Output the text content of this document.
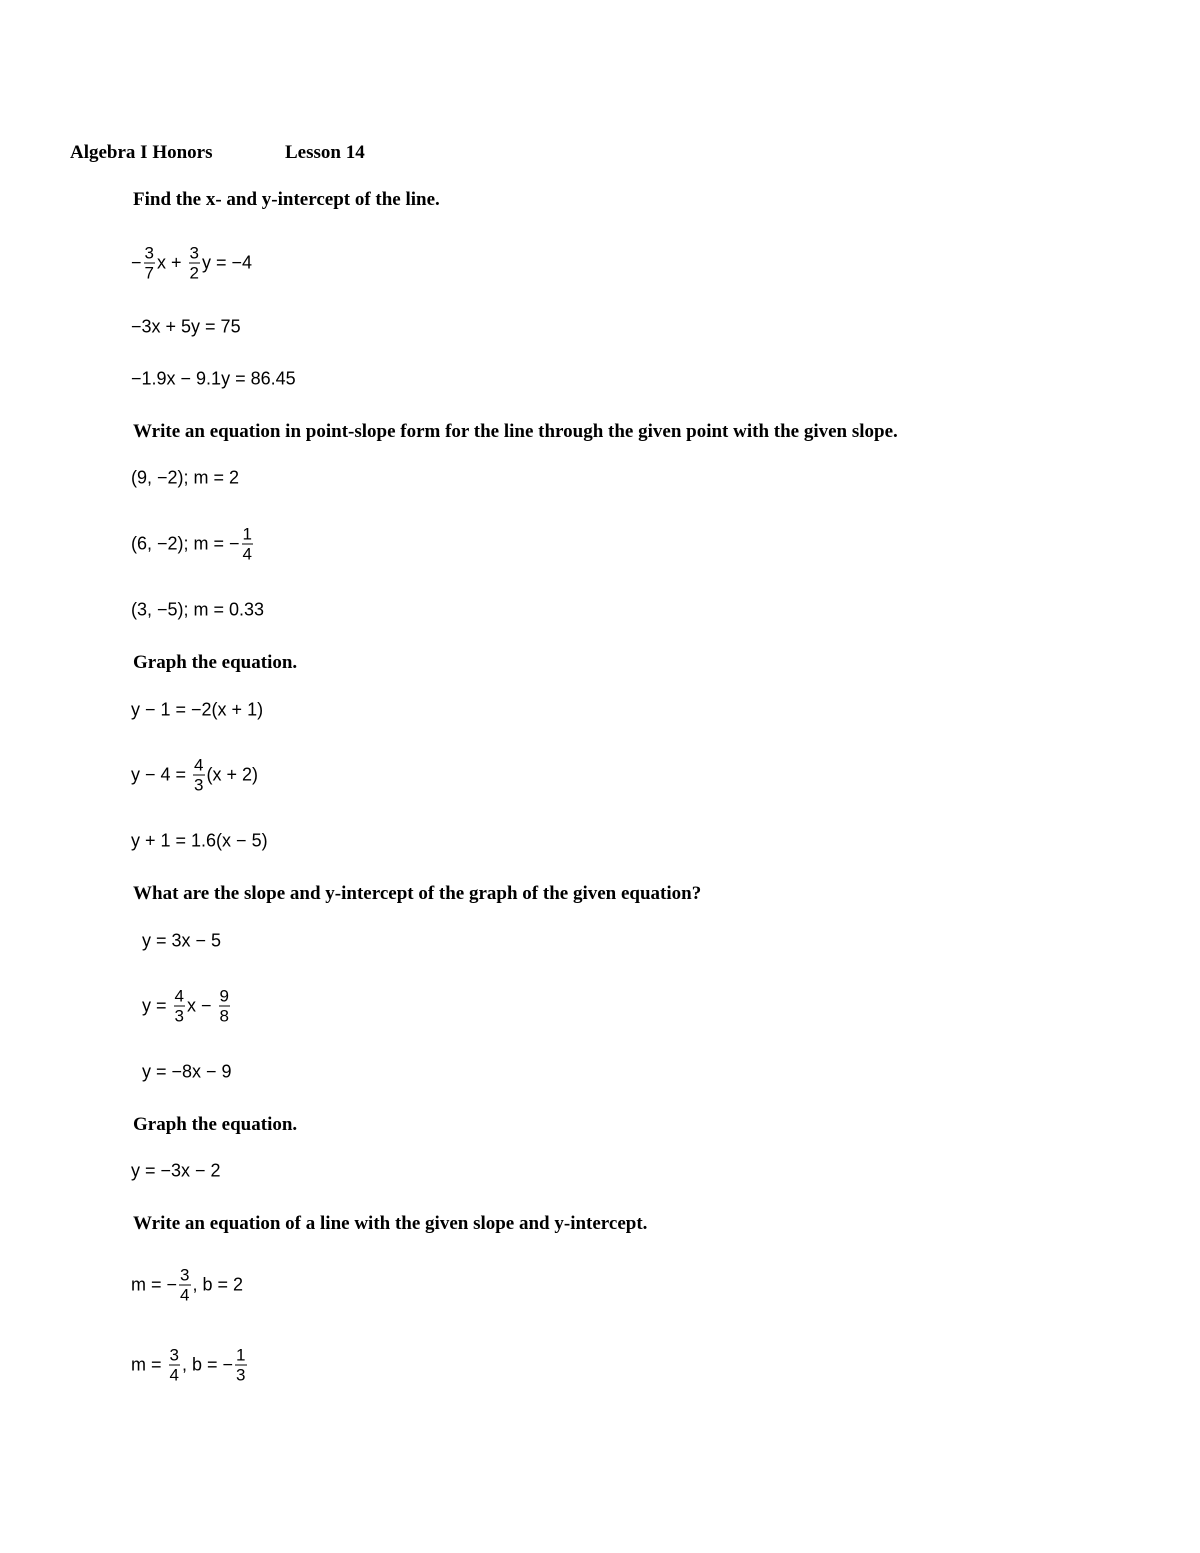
Algebra I Honors	Lesson 14
Find the x- and y-intercept of the line.
− $\frac{3}{7}$ $x + \frac{3}{2}$ y = −4
−3x + 5y = 75
−1.9x − 9.1y = 86.45
Write an equation in point-slope form for the line through the given point with the given slope.
(9, −2); m = 2
(6, −2); m = − $\frac{1}{4}$
(3, −5); m = 0.33
Graph the equation.
y − 1 = −2(x + 1)
$y - 4 = \frac{4}{3} (x + 2)$
y + 1 = 1.6(x − 5)
What are the slope and y-intercept of the graph of the given equation?
y = 3x − 5
$y = \frac{4}{3}$ $x - \frac{9}{8}$
y = −8x − 9
Graph the equation.
y = −3x − 2
Write an equation of a line with the given slope and y-intercept.
m = − $\frac{3}{4}$ , b = 2
$m = \frac{3}{4}$ , b = − $\frac{1}{3}$
